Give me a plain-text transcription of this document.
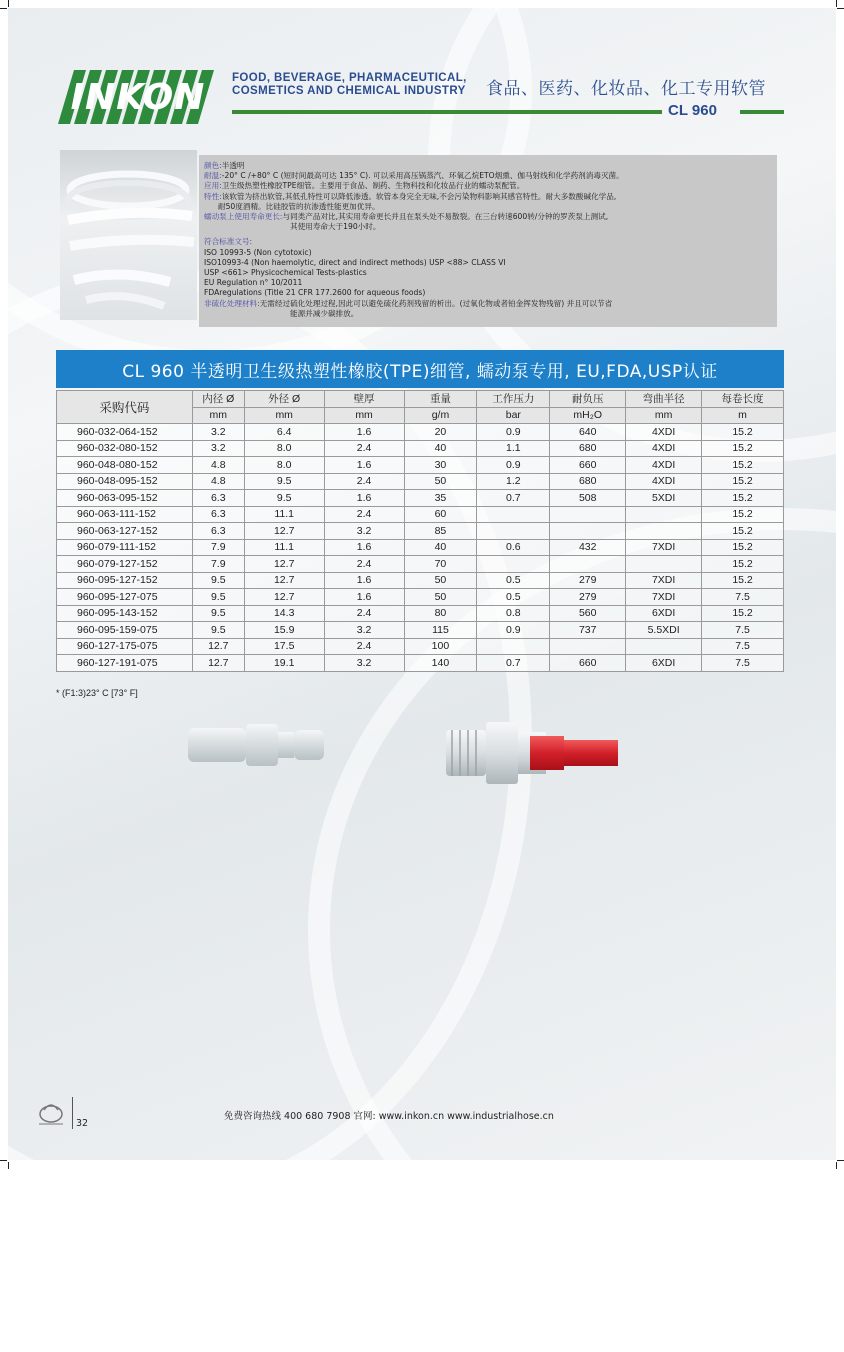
INKON	FOOD, BEVERAGE, PHARMACEUTICAL,
COSMETICS AND CHEMICAL INDUSTRY 食品、医药、化妆品、化工专用软管
CL 960
颜色:半透明
耐温:-20° C /+80° C (短时间最高可达 135° C). 可以采用高压锅蒸汽、环氧乙烷ETO烟熏、伽马射线和化学药剂消毒灭菌。
应用:卫生级热塑性橡胶TPE细管。主要用于食品、制药、生物科技和化妆品行业的蠕动泵配管。
特性:该软管为挤出软管,其低孔特性可以降低渗透。软管本身完全无味,不会污染物料影响其感官特性。耐大多数酸碱化学品,
耐50度酒精。比硅胶管的抗渗透性能更加优异。
蠕动泵上使用寿命更长:与同类产品对比,其实用寿命更长并且在泵头处不易散裂。在三台转速600转/分钟的罗茨泵上测试,
其使用寿命大于190小时。
符合标准文号:
ISO 10993-5 (Non cytotoxic)
ISO10993-4 (Non haemolytic, direct and indirect methods) USP <88> CLASS VI
USP <661> Physicochemical Tests-plastics
EU Regulation n° 10/2011
FDAregulations (Title 21 CFR 177.2600 for aqueous foods)
非硫化处理材料:无需经过硫化处理过程,因此可以避免硫化药剂残留的析出。(过氧化物或者铂金挥发物残留) 并且可以节省
能源并减少碳排放。
CL 960 半透明卫生级热塑性橡胶(TPE)细管, 蠕动泵专用, EU,FDA,USP认证
采购代码	内径 Ø	外径 Ø	壁厚	重量	工作压力	耐负压	弯曲半径	每卷长度
	mm	mm	mm	g/m	bar	mH₂O	mm	m
960-032-064-152	3.2	6.4	1.6	20	0.9	640	4XDI	15.2
960-032-080-152	3.2	8.0	2.4	40	1.1	680	4XDI	15.2
960-048-080-152	4.8	8.0	1.6	30	0.9	660	4XDI	15.2
960-048-095-152	4.8	9.5	2.4	50	1.2	680	4XDI	15.2
960-063-095-152	6.3	9.5	1.6	35	0.7	508	5XDI	15.2
960-063-111-152	6.3	11.1	2.4	60				15.2
960-063-127-152	6.3	12.7	3.2	85				15.2
960-079-111-152	7.9	11.1	1.6	40	0.6	432	7XDI	15.2
960-079-127-152	7.9	12.7	2.4	70				15.2
960-095-127-152	9.5	12.7	1.6	50	0.5	279	7XDI	15.2
960-095-127-075	9.5	12.7	1.6	50	0.5	279	7XDI	7.5
960-095-143-152	9.5	14.3	2.4	80	0.8	560	6XDI	15.2
960-095-159-075	9.5	15.9	3.2	115	0.9	737	5.5XDI	7.5
960-127-175-075	12.7	17.5	2.4	100				7.5
960-127-191-075	12.7	19.1	3.2	140	0.7	660	6XDI	7.5
* (F1:3)23° C [73° F]
32
免费咨询热线 400 680 7908 官网: www.inkon.cn www.industrialhose.cn
